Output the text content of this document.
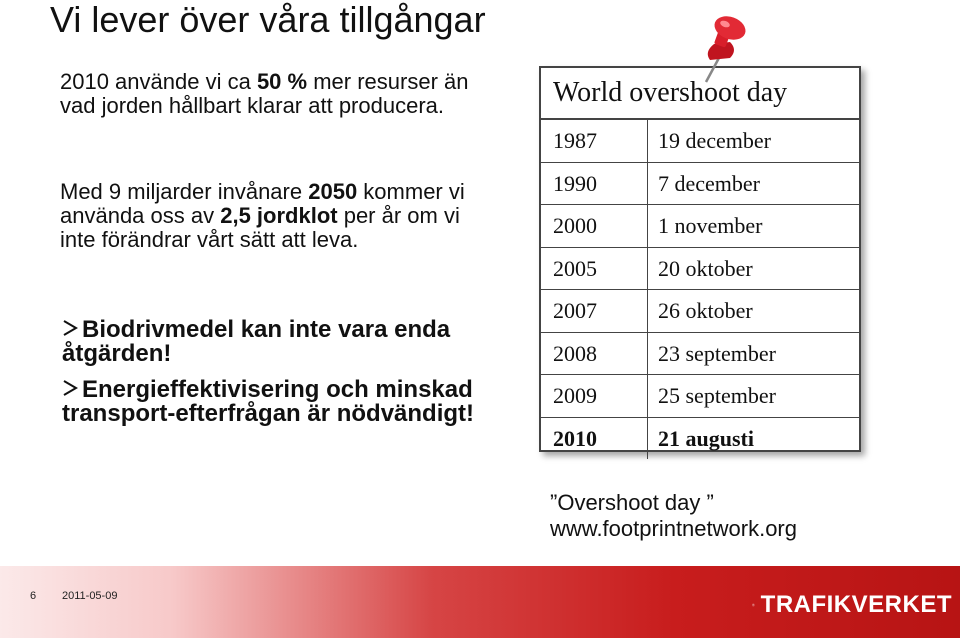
Vi lever över våra tillgångar

2010 använde vi ca 50 % mer resurser än vad jorden hållbart klarar att producera.

Med 9 miljarder invånare 2050 kommer vi använda oss av 2,5 jordklot per år om vi inte förändrar vårt sätt att leva.

Biodrivmedel kan inte vara enda åtgärden!

Energieffektivisering och minskad transport-efterfrågan är nödvändigt!

World overshoot day
1987	19 december
1990	7 december
2000	1 november
2005	20 oktober
2007	26 oktober
2008	23 september
2009	25 september
2010	21 augusti
”Overshoot day ”
www.footprintnetwork.org
6 2011-05-09	TRAFIKVERKET
